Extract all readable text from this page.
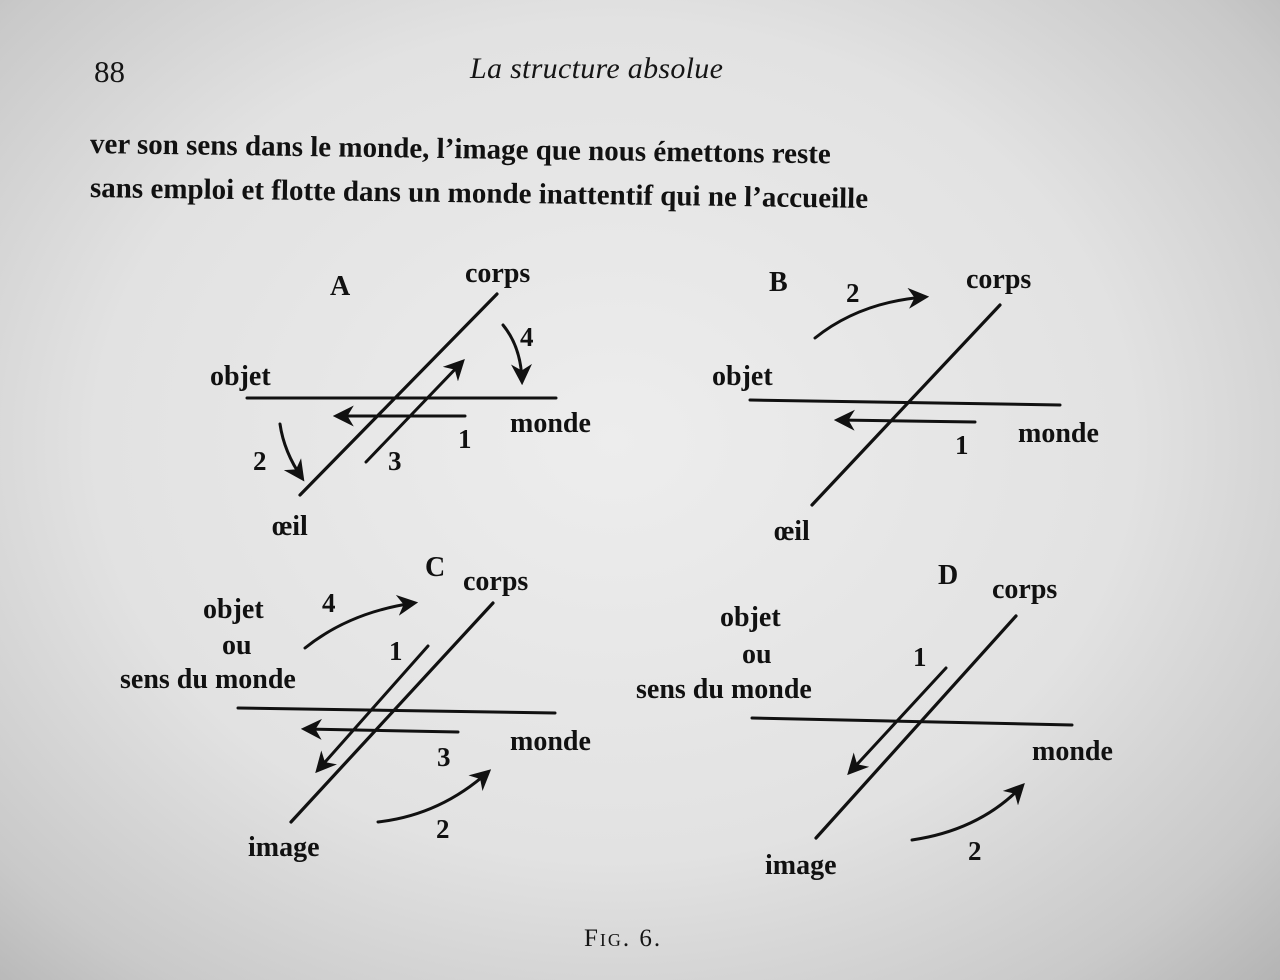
88	La structure absolue
ver son sens dans le monde, l’image que nous émettons reste
sans emploi et flotte dans un monde inattentif qui ne l’accueille
A	corps
objet
monde
œil
1
2	3
4
B	corps
objet
monde
œil
1
2
C corps
objet
ou
sens du monde
monde
image
1
2
3
4
D corps
objet
ou
sens du monde
monde
image
1
2
Fig. 6.
